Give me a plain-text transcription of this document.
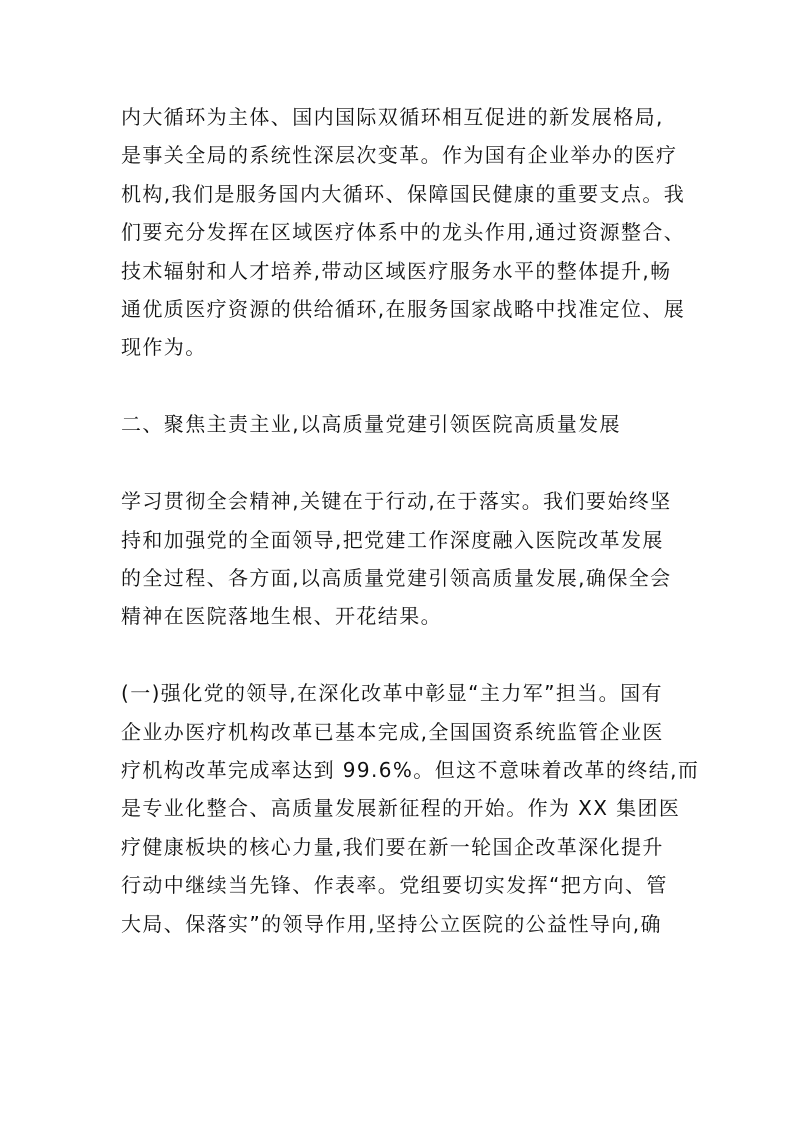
内大循环为主体、国内国际双循环相互促进的新发展格局,
是事关全局的系统性深层次变革。作为国有企业举办的医疗
机构,我们是服务国内大循环、保障国民健康的重要支点。我
们要充分发挥在区域医疗体系中的龙头作用,通过资源整合、
技术辐射和人才培养,带动区域医疗服务水平的整体提升,畅
通优质医疗资源的供给循环,在服务国家战略中找准定位、展
现作为。
二、聚焦主责主业,以高质量党建引领医院高质量发展
学习贯彻全会精神,关键在于行动,在于落实。我们要始终坚
持和加强党的全面领导,把党建工作深度融入医院改革发展
的全过程、各方面,以高质量党建引领高质量发展,确保全会
精神在医院落地生根、开花结果。
(一)强化党的领导,在深化改革中彰显“主力军”担当。国有
企业办医疗机构改革已基本完成,全国国资系统监管企业医
疗机构改革完成率达到 99.6%。但这不意味着改革的终结,而
是专业化整合、高质量发展新征程的开始。作为 XX 集团医
疗健康板块的核心力量,我们要在新一轮国企改革深化提升
行动中继续当先锋、作表率。党组要切实发挥“把方向、管
大局、保落实”的领导作用,坚持公立医院的公益性导向,确
